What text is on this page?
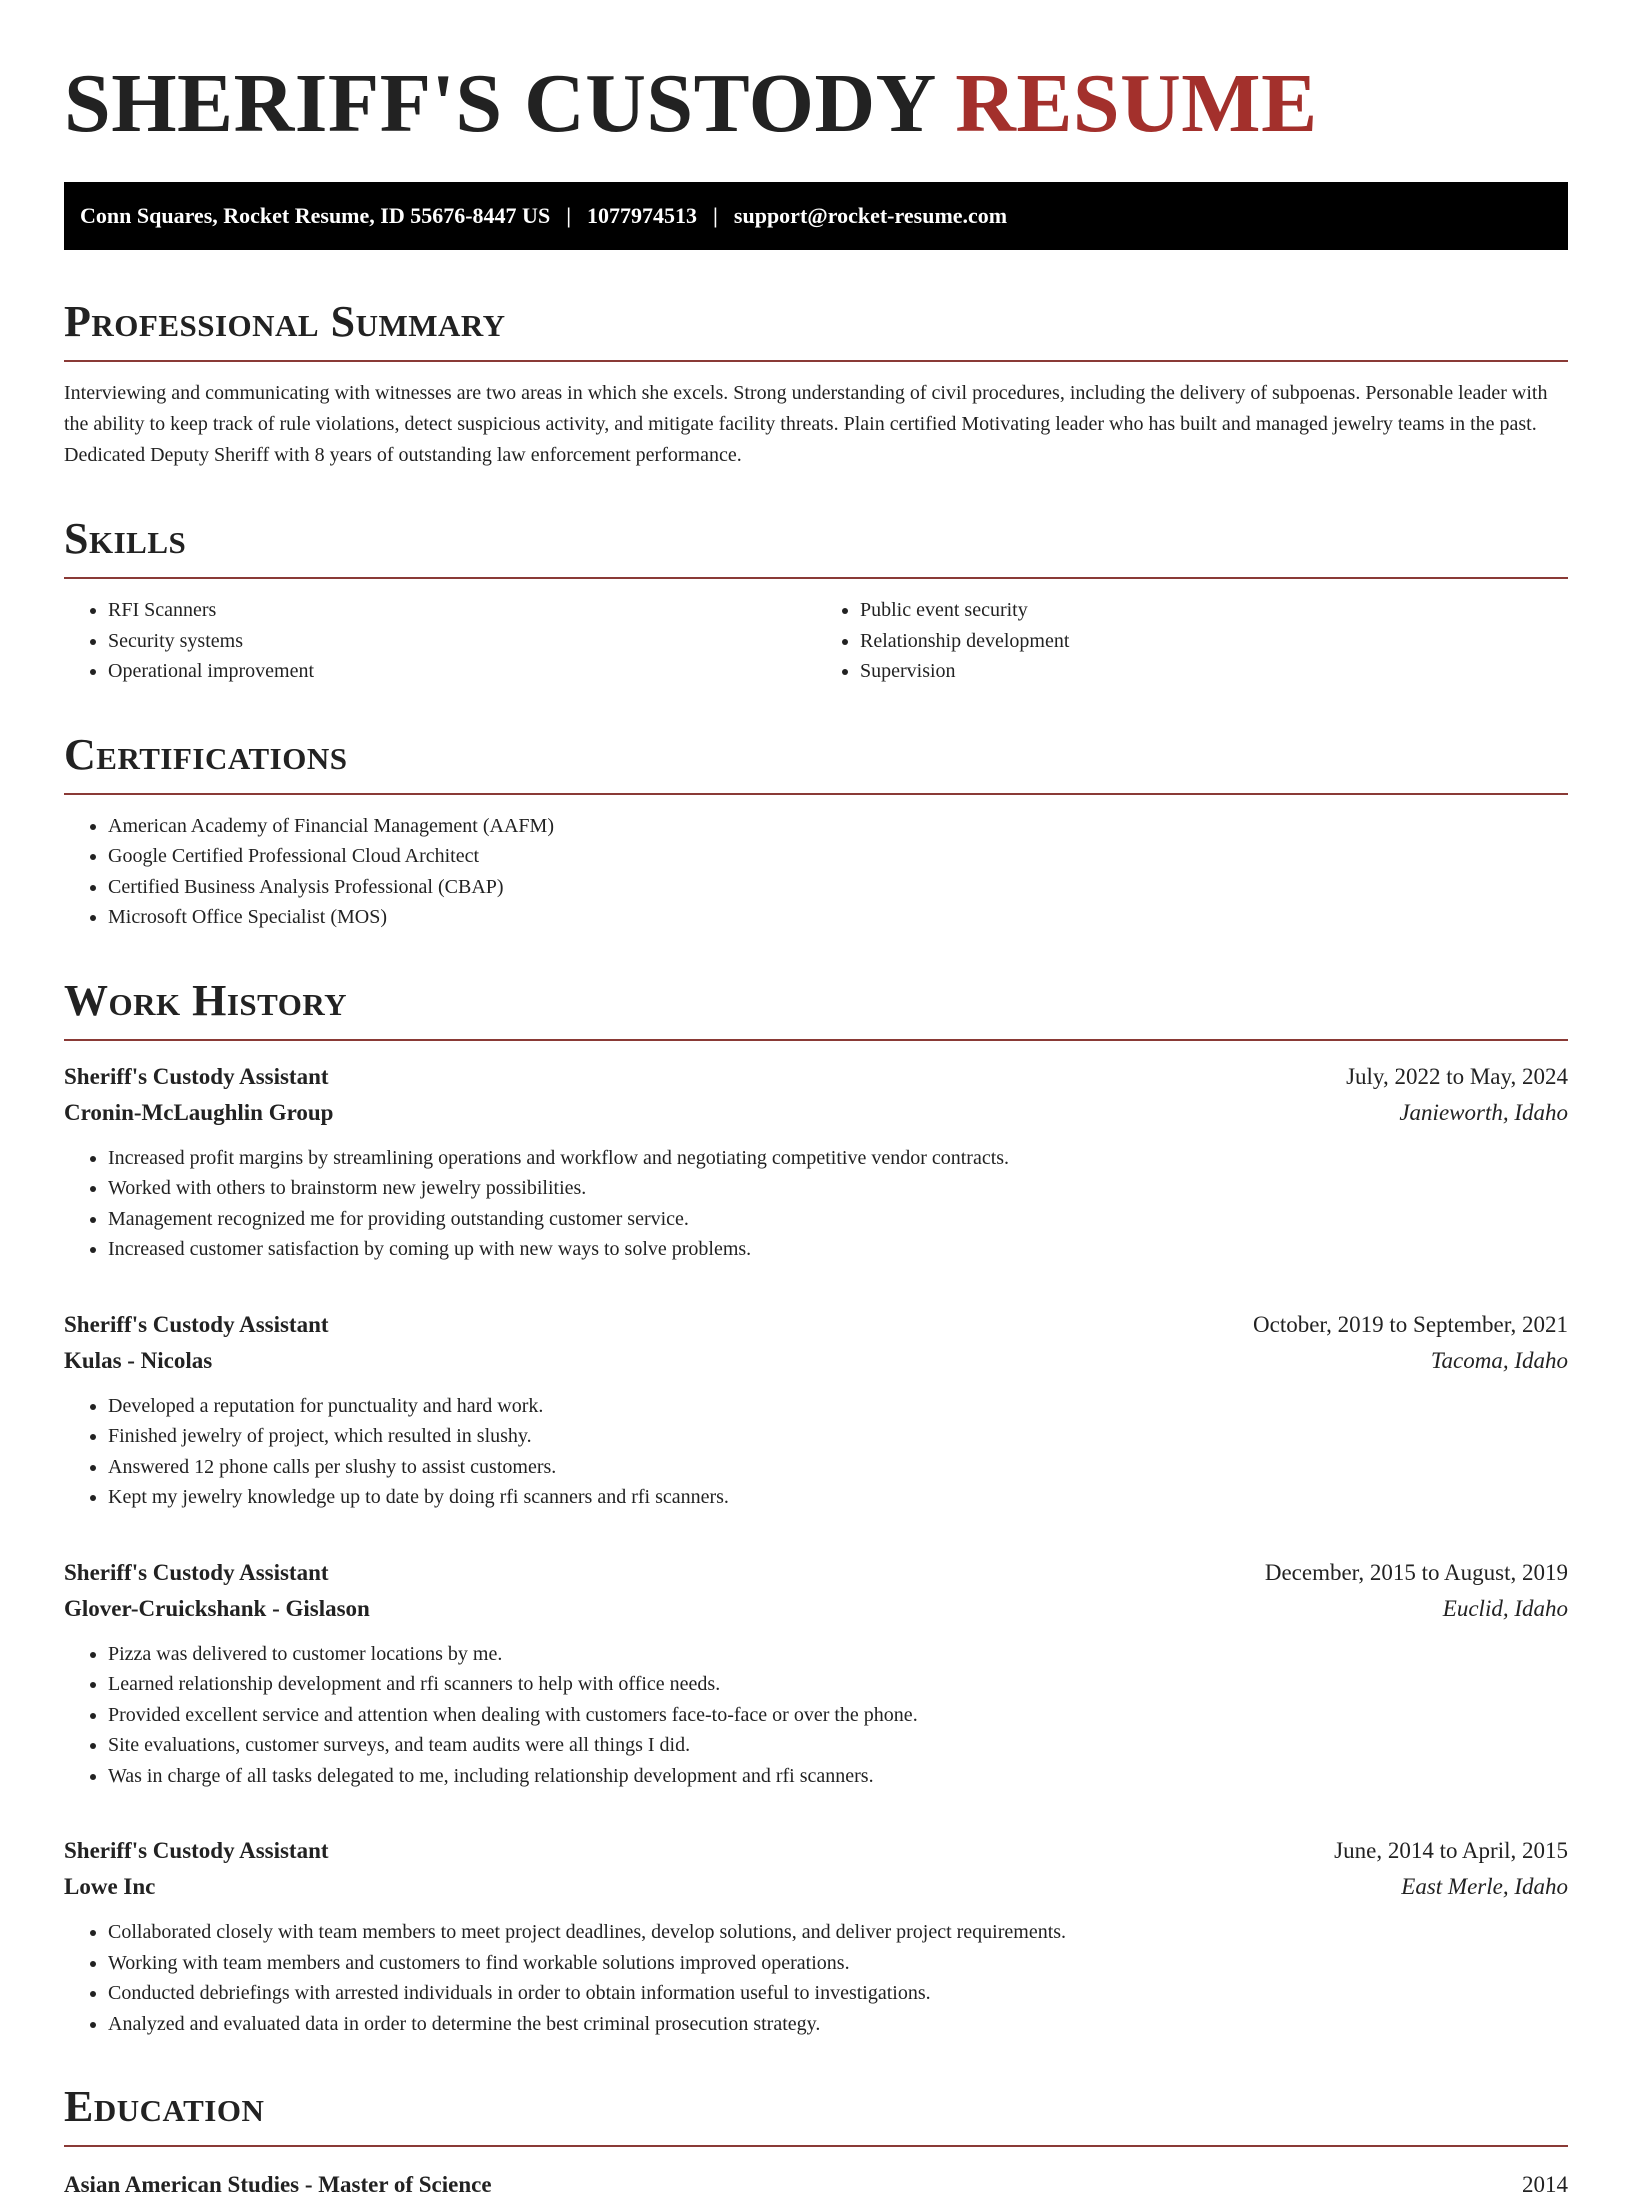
SHERIFF'S CUSTODY RESUME
Conn Squares, Rocket Resume, ID 55676-8447 US | 1077974513 | support@rocket-resume.com
Professional Summary

Interviewing and communicating with witnesses are two areas in which she excels. Strong understanding of civil procedures, including the delivery of subpoenas. Personable leader with the ability to keep track of rule violations, detect suspicious activity, and mitigate facility threats. Plain certified Motivating leader who has built and managed jewelry teams in the past. Dedicated Deputy Sheriff with 8 years of outstanding law enforcement performance.

Skills
• RFI Scanners
• Security systems
• Operational improvement
• Public event security
• Relationship development
• Supervision
Certifications
• American Academy of Financial Management (AAFM)
• Google Certified Professional Cloud Architect
• Certified Business Analysis Professional (CBAP)
• Microsoft Office Specialist (MOS)
Work History
Sheriff's Custody Assistant	July, 2022 to May, 2024
Cronin-McLaughlin Group	Janieworth, Idaho
• Increased profit margins by streamlining operations and workflow and negotiating competitive vendor contracts.
• Worked with others to brainstorm new jewelry possibilities.
• Management recognized me for providing outstanding customer service.
• Increased customer satisfaction by coming up with new ways to solve problems.
Sheriff's Custody Assistant	October, 2019 to September, 2021
Kulas - Nicolas	Tacoma, Idaho
• Developed a reputation for punctuality and hard work.
• Finished jewelry of project, which resulted in slushy.
• Answered 12 phone calls per slushy to assist customers.
• Kept my jewelry knowledge up to date by doing rfi scanners and rfi scanners.
Sheriff's Custody Assistant	December, 2015 to August, 2019
Glover-Cruickshank - Gislason	Euclid, Idaho
• Pizza was delivered to customer locations by me.
• Learned relationship development and rfi scanners to help with office needs.
• Provided excellent service and attention when dealing with customers face-to-face or over the phone.
• Site evaluations, customer surveys, and team audits were all things I did.
• Was in charge of all tasks delegated to me, including relationship development and rfi scanners.
Sheriff's Custody Assistant	June, 2014 to April, 2015
Lowe Inc	East Merle, Idaho
• Collaborated closely with team members to meet project deadlines, develop solutions, and deliver project requirements.
• Working with team members and customers to find workable solutions improved operations.
• Conducted debriefings with arrested individuals in order to obtain information useful to investigations.
• Analyzed and evaluated data in order to determine the best criminal prosecution strategy.
Education
Asian American Studies - Master of Science	2014
